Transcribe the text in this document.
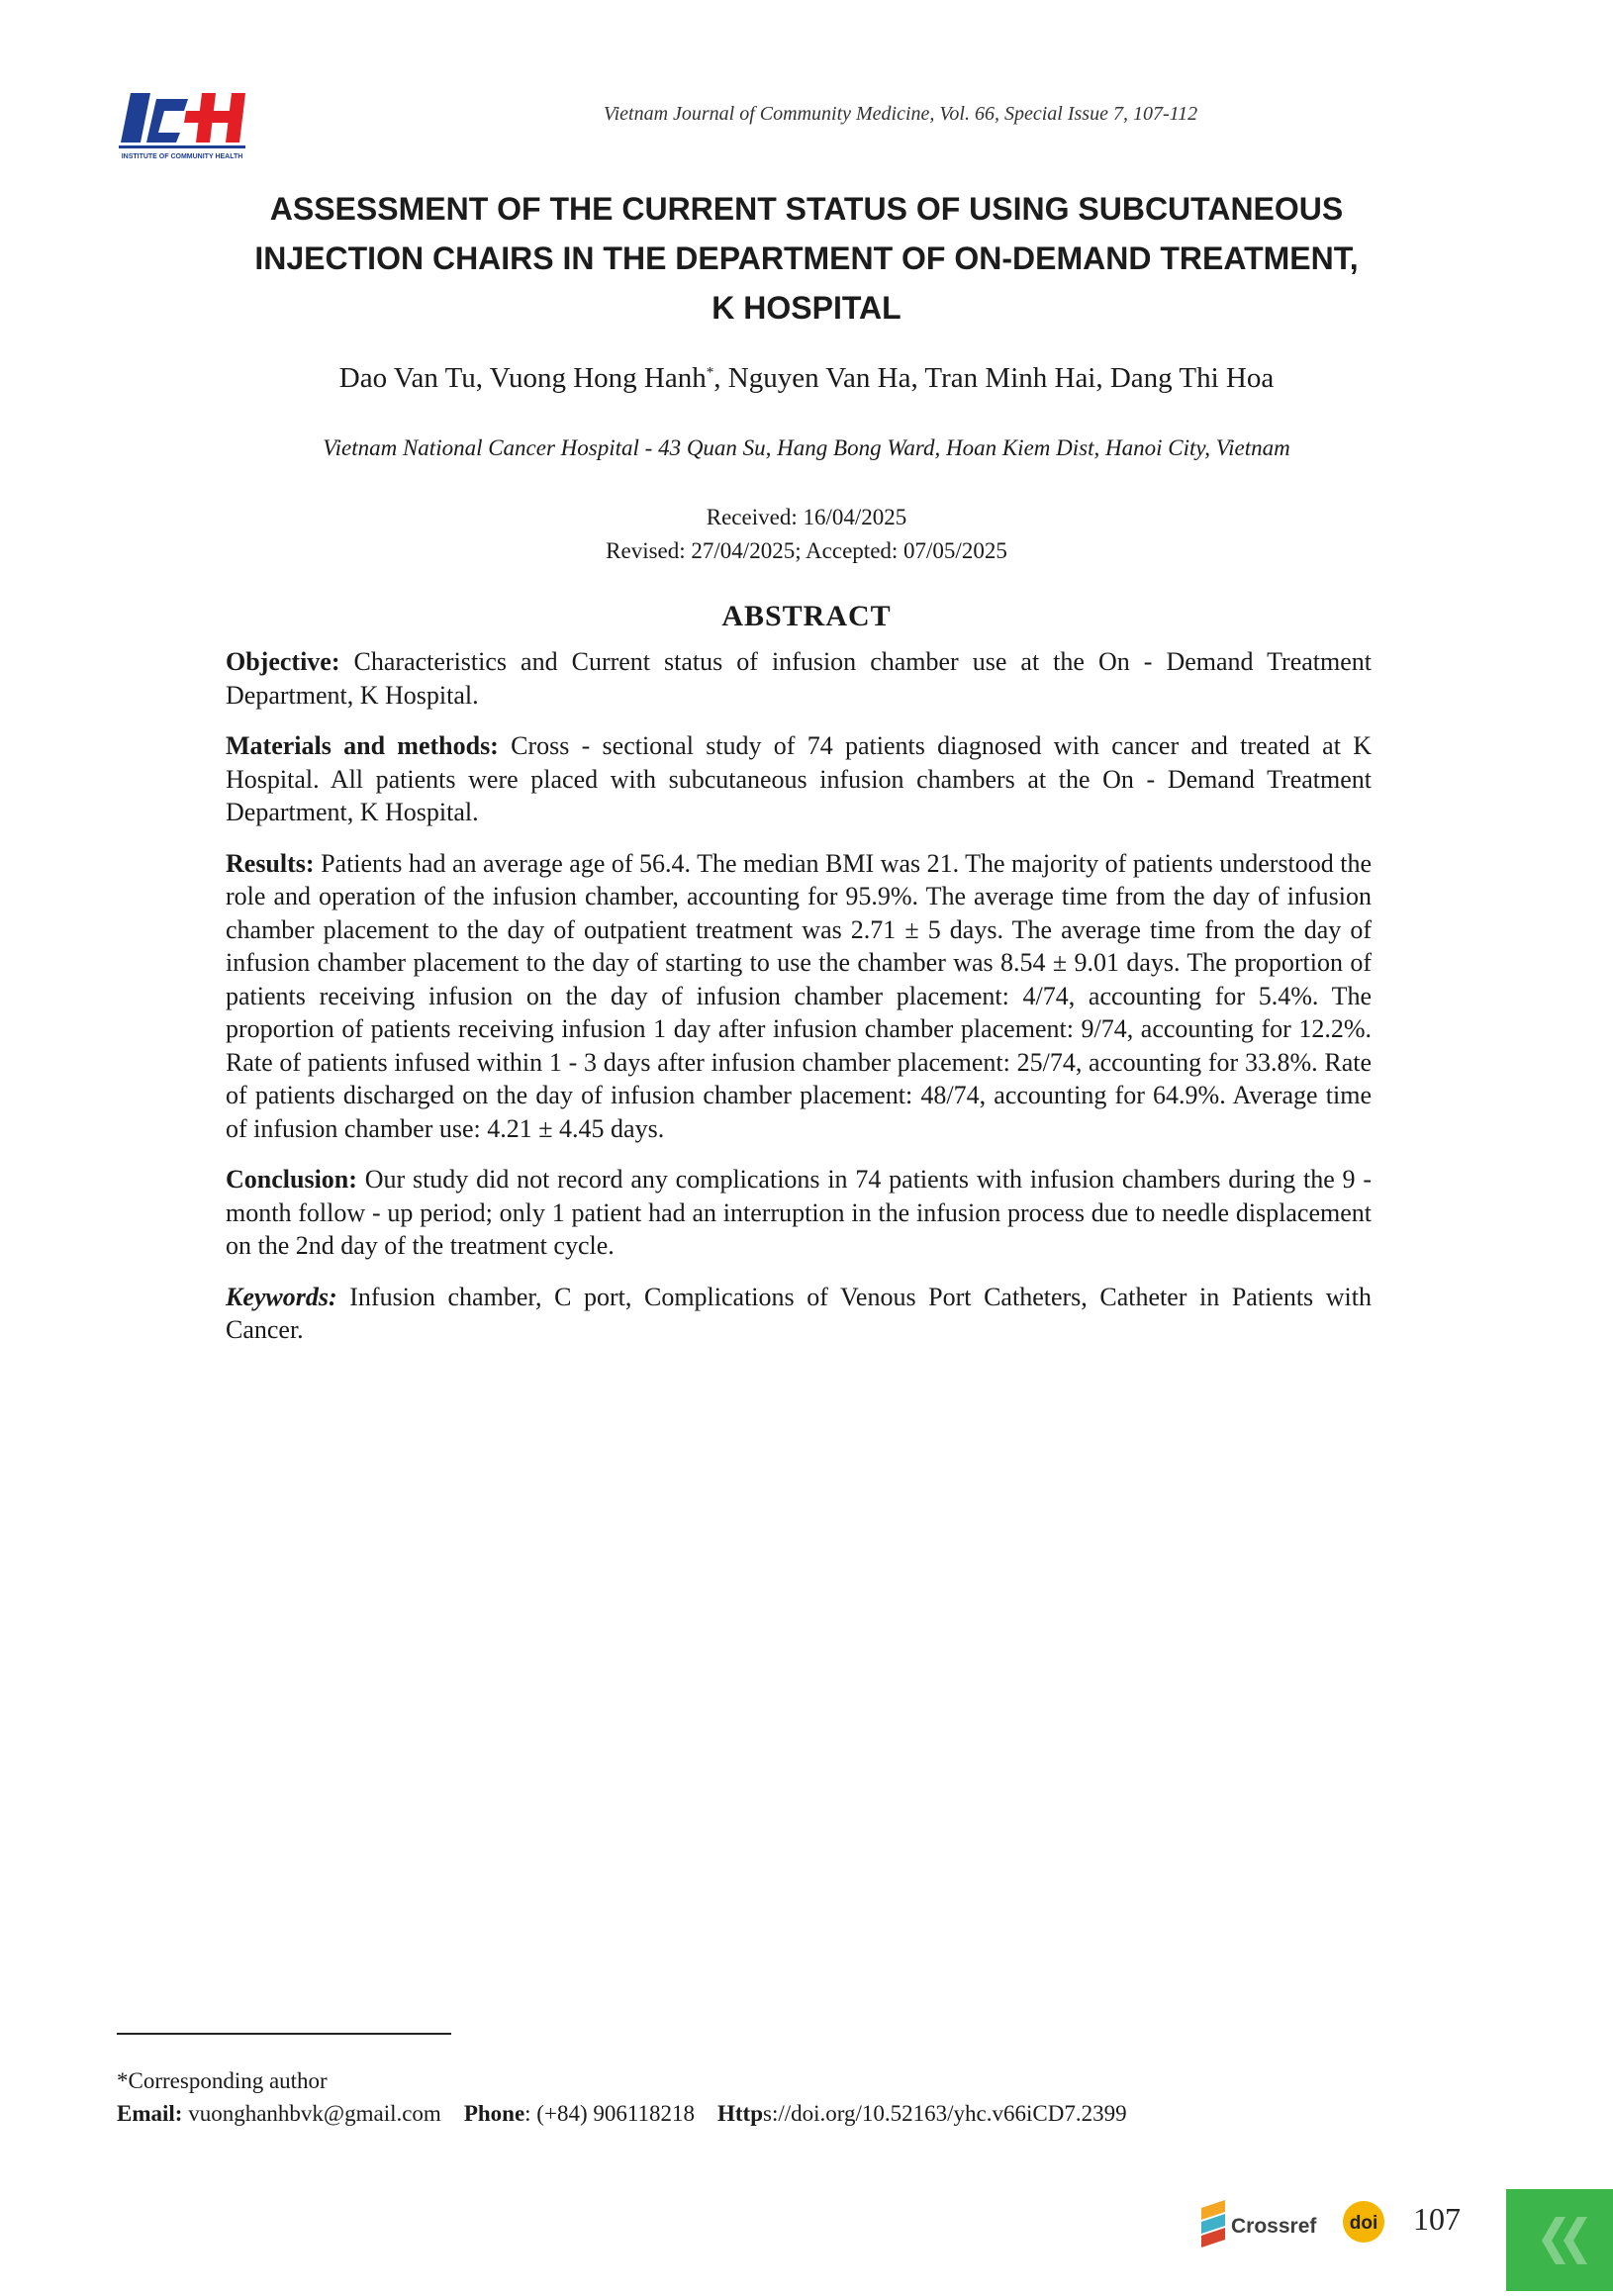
INSTITUTE OF COMMUNITY HEALTH
Vietnam Journal of Community Medicine, Vol. 66, Special Issue 7, 107-112
ASSESSMENT OF THE CURRENT STATUS OF USING SUBCUTANEOUS
INJECTION CHAIRS IN THE DEPARTMENT OF ON-DEMAND TREATMENT,
K HOSPITAL
Dao Van Tu, Vuong Hong Hanh*, Nguyen Van Ha, Tran Minh Hai, Dang Thi Hoa
Vietnam National Cancer Hospital - 43 Quan Su, Hang Bong Ward, Hoan Kiem Dist, Hanoi City, Vietnam
Received: 16/04/2025
Revised: 27/04/2025; Accepted: 07/05/2025
ABSTRACT

Objective: Characteristics and Current status of infusion chamber use at the On - Demand Treatment Department, K Hospital.

Materials and methods: Cross - sectional study of 74 patients diagnosed with cancer and treated at K Hospital. All patients were placed with subcutaneous infusion chambers at the On - Demand Treatment Department, K Hospital.

Results: Patients had an average age of 56.4. The median BMI was 21. The majority of patients understood the role and operation of the infusion chamber, accounting for 95.9%. The average time from the day of infusion chamber placement to the day of outpatient treatment was 2.71 ± 5 days. The average time from the day of infusion chamber placement to the day of starting to use the chamber was 8.54 ± 9.01 days. The proportion of patients receiving infusion on the day of infusion chamber placement: 4/74, accounting for 5.4%. The proportion of patients receiving infusion 1 day after infusion chamber placement: 9/74, accounting for 12.2%. Rate of patients infused within 1 - 3 days after infusion chamber placement: 25/74, accounting for 33.8%. Rate of patients discharged on the day of infusion chamber placement: 48/74, accounting for 64.9%. Average time of infusion chamber use: 4.21 ± 4.45 days.

Conclusion: Our study did not record any complications in 74 patients with infusion chambers during the 9 - month follow - up period; only 1 patient had an interruption in the infusion process due to needle displacement on the 2nd day of the treatment cycle.

Keywords: Infusion chamber, C port, Complications of Venous Port Catheters, Catheter in Patients with Cancer.

*Corresponding author
Email: vuonghanhbvk@gmail.com Phone: (+84) 906118218 Https://doi.org/10.52163/yhc.v66iCD7.2399
Crossref doi 107
